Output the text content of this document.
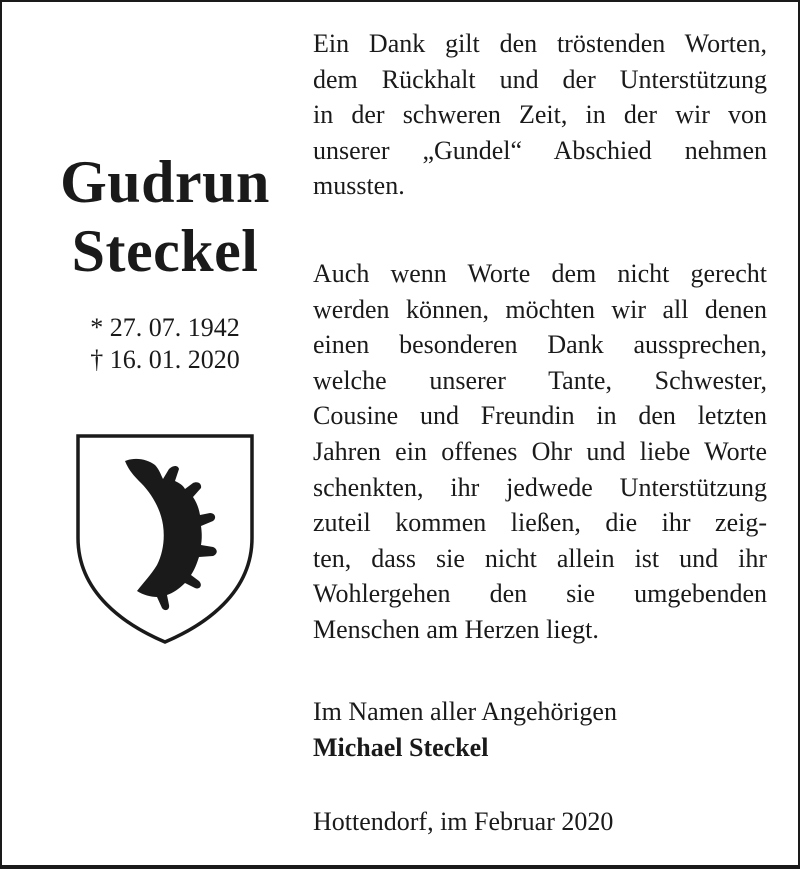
Gudrun
Steckel
* 27. 07. 1942
† 16. 01. 2020
Ein Dank gilt den tröstenden Worten,
dem Rückhalt und der Unterstützung
in der schweren Zeit, in der wir von
unserer „Gundel“ Abschied nehmen
mussten.
Auch wenn Worte dem nicht gerecht
werden können, möchten wir all denen
einen besonderen Dank aussprechen,
welche unserer Tante, Schwester,
Cousine und Freundin in den letzten
Jahren ein offenes Ohr und liebe Worte
schenkten, ihr jedwede Unterstützung
zuteil kommen ließen, die ihr zeig-
ten, dass sie nicht allein ist und ihr
Wohlergehen den sie umgebenden
Menschen am Herzen liegt.
Im Namen aller Angehörigen
Michael Steckel
Hottendorf, im Februar 2020
